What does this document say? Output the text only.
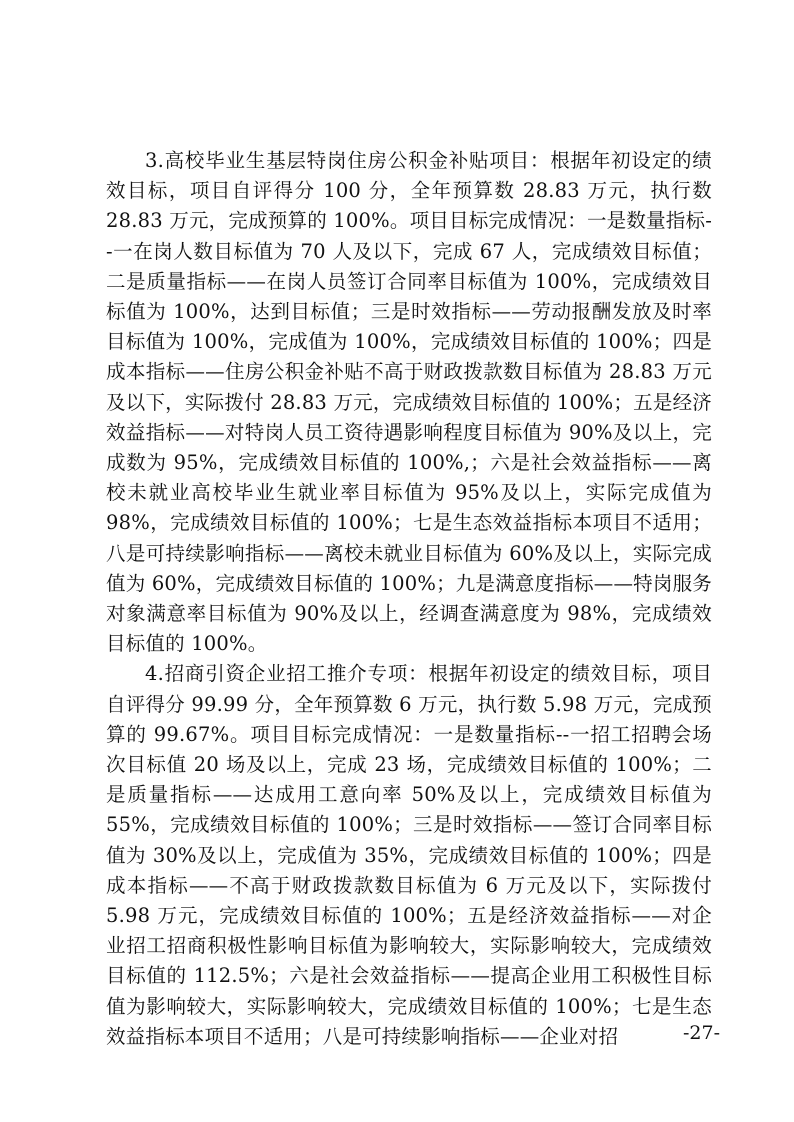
3.高校毕业生基层特岗住房公积金补贴项目：根据年初设定的绩效目标，项目自评得分 100 分，全年预算数 28.83 万元，执行数 28.83 万元，完成预算的 100%。项目目标完成情况：一是数量指标--一在岗人数目标值为 70 人及以下，完成 67 人，完成绩效目标值；二是质量指标——在岗人员签订合同率目标值为 100%，完成绩效目标值为 100%，达到目标值；三是时效指标——劳动报酬发放及时率目标值为 100%，完成值为 100%，完成绩效目标值的 100%；四是成本指标——住房公积金补贴不高于财政拨款数目标值为 28.83 万元及以下，实际拨付 28.83 万元，完成绩效目标值的 100%；五是经济效益指标——对特岗人员工资待遇影响程度目标值为 90%及以上，完成数为 95%，完成绩效目标值的 100%,；六是社会效益指标——离校未就业高校毕业生就业率目标值为 95%及以上，实际完成值为 98%，完成绩效目标值的 100%；七是生态效益指标本项目不适用；八是可持续影响指标——离校未就业目标值为 60%及以上，实际完成值为 60%，完成绩效目标值的 100%；九是满意度指标——特岗服务对象满意率目标值为 90%及以上，经调查满意度为 98%，完成绩效目标值的 100%。

4.招商引资企业招工推介专项：根据年初设定的绩效目标，项目自评得分 99.99 分，全年预算数 6 万元，执行数 5.98 万元，完成预算的 99.67%。项目目标完成情况：一是数量指标--一招工招聘会场次目标值 20 场及以上，完成 23 场，完成绩效目标值的 100%；二是质量指标——达成用工意向率 50%及以上，完成绩效目标值为 55%，完成绩效目标值的 100%；三是时效指标——签订合同率目标值为 30%及以上，完成值为 35%，完成绩效目标值的 100%；四是成本指标——不高于财政拨款数目标值为 6 万元及以下，实际拨付 5.98 万元，完成绩效目标值的 100%；五是经济效益指标——对企业招工招商积极性影响目标值为影响较大，实际影响较大，完成绩效目标值的 112.5%；六是社会效益指标——提高企业用工积极性目标值为影响较大，实际影响较大，完成绩效目标值的 100%；七是生态效益指标本项目不适用；八是可持续影响指标——企业对招	-27-
